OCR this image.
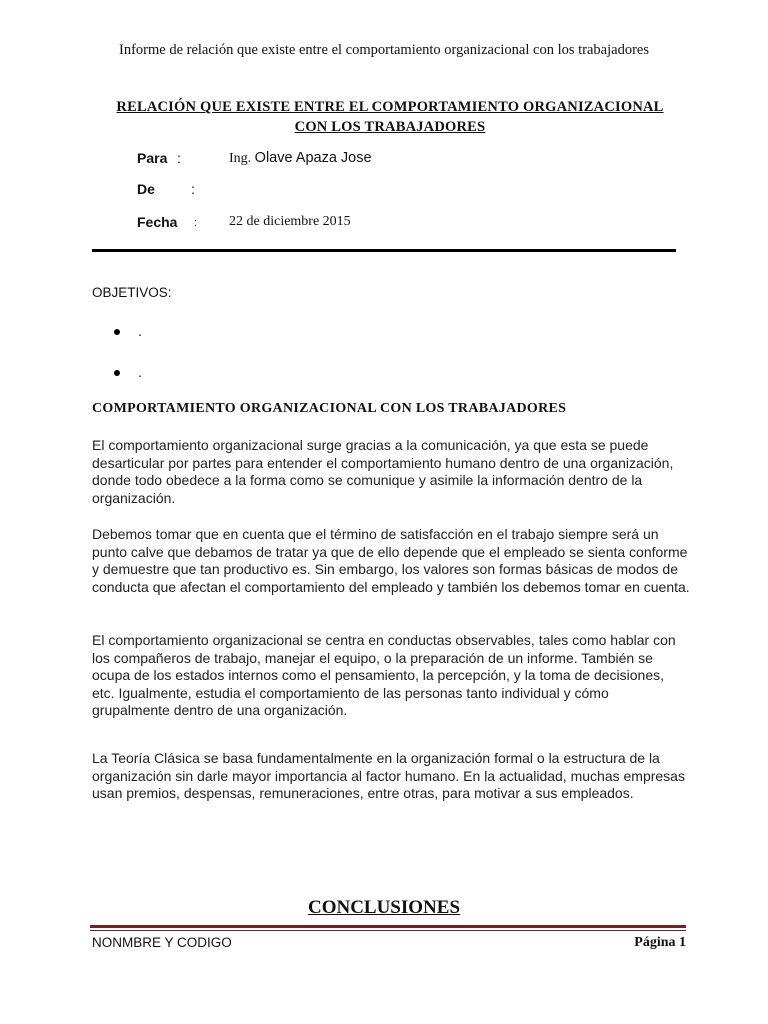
Informe de relación que existe entre el comportamiento organizacional con los trabajadores
RELACIÓN QUE EXISTE ENTRE EL COMPORTAMIENTO ORGANIZACIONAL
CON LOS TRABAJADORES
Para :	Ing. Olave Apaza Jose
De	:
Fecha : 22 de diciembre 2015
OBJETIVOS:
.
.
COMPORTAMIENTO ORGANIZACIONAL CON LOS TRABAJADORES
El comportamiento organizacional surge gracias a la comunicación, ya que esta se puede desarticular por partes para entender el comportamiento humano dentro de una organización, donde todo obedece a la forma como se comunique y asimile la información dentro de la organización.
Debemos tomar que en cuenta que el término de satisfacción en el trabajo siempre será un punto calve que debamos de tratar ya que de ello depende que el empleado se sienta conforme y demuestre que tan productivo es. Sin embargo, los valores son formas básicas de modos de conducta que afectan el comportamiento del empleado y también los debemos tomar en cuenta.
El comportamiento organizacional se centra en conductas observables, tales como hablar con los compañeros de trabajo, manejar el equipo, o la preparación de un informe. También se ocupa de los estados internos como el pensamiento, la percepción, y la toma de decisiones, etc. Igualmente, estudia el comportamiento de las personas tanto individual y cómo grupalmente dentro de una organización.
La Teoría Clásica se basa fundamentalmente en la organización formal o la estructura de la organización sin darle mayor importancia al factor humano. En la actualidad, muchas empresas usan premios, despensas, remuneraciones, entre otras, para motivar a sus empleados.
CONCLUSIONES
NONMBRE Y CODIGO	Página 1
